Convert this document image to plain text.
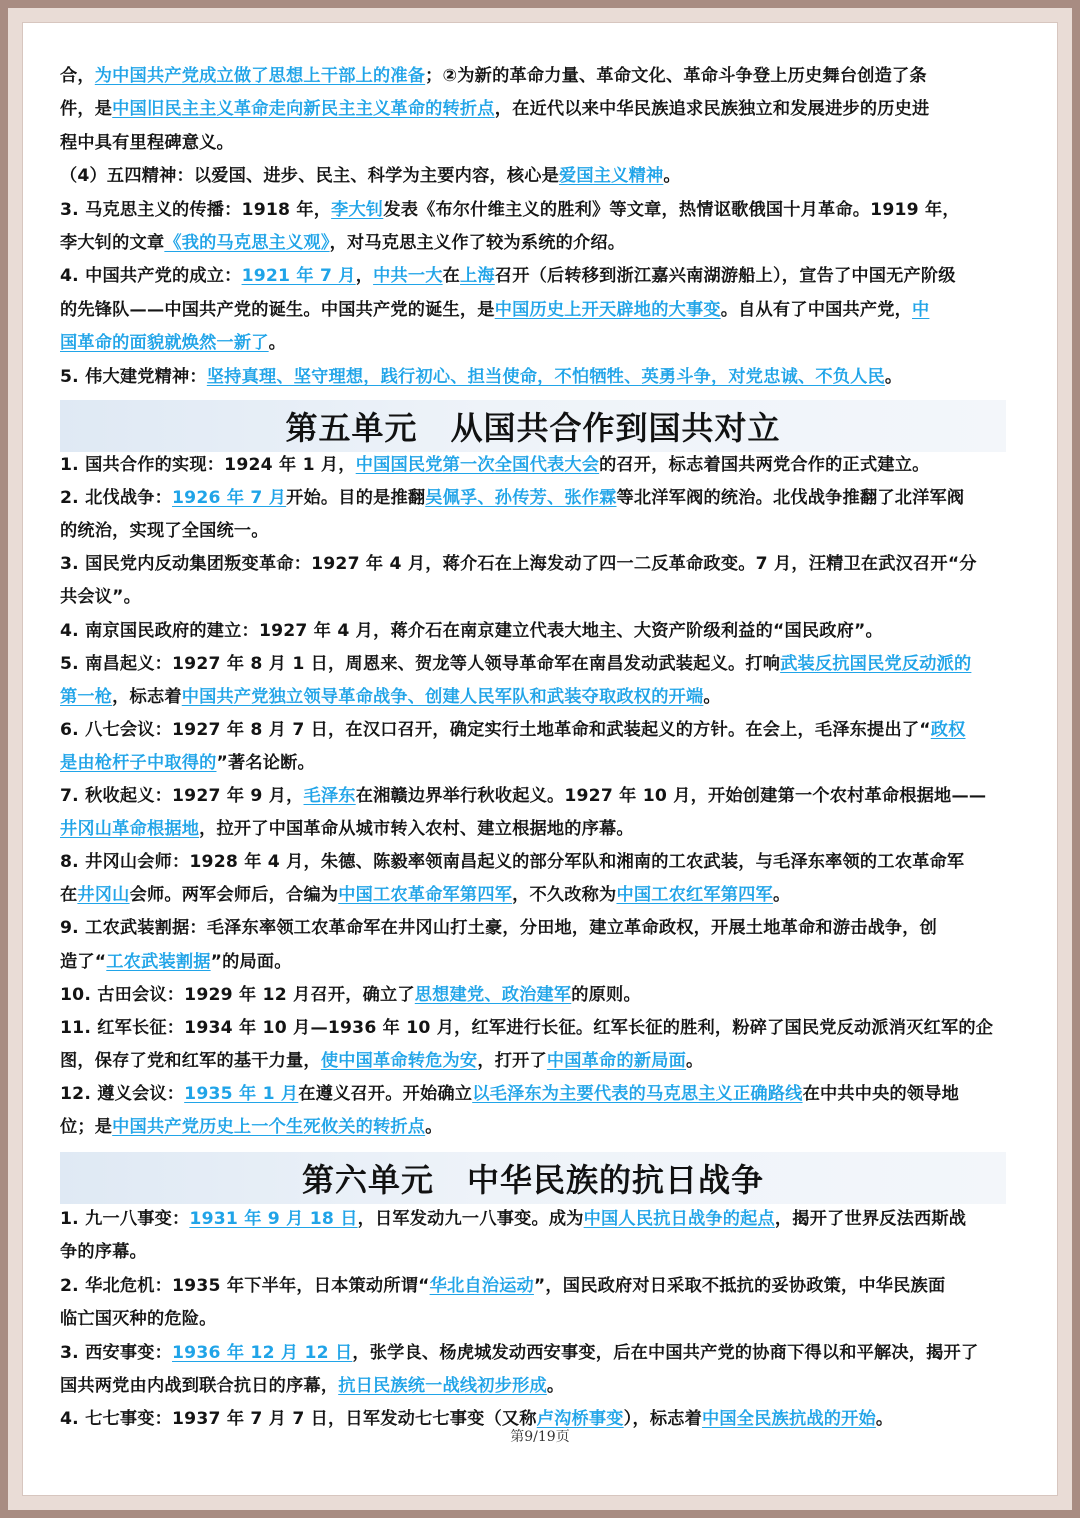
合，为中国共产党成立做了思想上干部上的准备；②为新的革命力量、革命文化、革命斗争登上历史舞台创造了条
件，是中国旧民主主义革命走向新民主主义革命的转折点，在近代以来中华民族追求民族独立和发展进步的历史进
程中具有里程碑意义。
（4）五四精神：以爱国、进步、民主、科学为主要内容，核心是爱国主义精神。
3. 马克思主义的传播：1918 年，李大钊发表《布尔什维主义的胜利》等文章，热情讴歌俄国十月革命。1919 年，
李大钊的文章《我的马克思主义观》，对马克思主义作了较为系统的介绍。
4. 中国共产党的成立：1921 年 7 月，中共一大在上海召开（后转移到浙江嘉兴南湖游船上），宣告了中国无产阶级
的先锋队——中国共产党的诞生。中国共产党的诞生，是中国历史上开天辟地的大事变。自从有了中国共产党，中
国革命的面貌就焕然一新了。
5. 伟大建党精神：坚持真理、坚守理想，践行初心、担当使命，不怕牺牲、英勇斗争，对党忠诚、不负人民。
第五单元　从国共合作到国共对立
1. 国共合作的实现：1924 年 1 月，中国国民党第一次全国代表大会的召开，标志着国共两党合作的正式建立。
2. 北伐战争：1926 年 7 月开始。目的是推翻吴佩孚、孙传芳、张作霖等北洋军阀的统治。北伐战争推翻了北洋军阀
的统治，实现了全国统一。
3. 国民党内反动集团叛变革命：1927 年 4 月，蒋介石在上海发动了四一二反革命政变。7 月，汪精卫在武汉召开“分
共会议”。
4. 南京国民政府的建立：1927 年 4 月，蒋介石在南京建立代表大地主、大资产阶级利益的“国民政府”。
5. 南昌起义：1927 年 8 月 1 日，周恩来、贺龙等人领导革命军在南昌发动武装起义。打响武装反抗国民党反动派的
第一枪，标志着中国共产党独立领导革命战争、创建人民军队和武装夺取政权的开端。
6. 八七会议：1927 年 8 月 7 日，在汉口召开，确定实行土地革命和武装起义的方针。在会上，毛泽东提出了“政权
是由枪杆子中取得的”著名论断。
7. 秋收起义：1927 年 9 月，毛泽东在湘赣边界举行秋收起义。1927 年 10 月，开始创建第一个农村革命根据地——
井冈山革命根据地，拉开了中国革命从城市转入农村、建立根据地的序幕。
8. 井冈山会师：1928 年 4 月，朱德、陈毅率领南昌起义的部分军队和湘南的工农武装，与毛泽东率领的工农革命军
在井冈山会师。两军会师后，合编为中国工农革命军第四军，不久改称为中国工农红军第四军。
9. 工农武装割据：毛泽东率领工农革命军在井冈山打土豪，分田地，建立革命政权，开展土地革命和游击战争，创
造了“工农武装割据”的局面。
10. 古田会议：1929 年 12 月召开，确立了思想建党、政治建军的原则。
11. 红军长征：1934 年 10 月—1936 年 10 月，红军进行长征。红军长征的胜利，粉碎了国民党反动派消灭红军的企
图，保存了党和红军的基干力量，使中国革命转危为安，打开了中国革命的新局面。
12. 遵义会议：1935 年 1 月在遵义召开。开始确立以毛泽东为主要代表的马克思主义正确路线在中共中央的领导地
位；是中国共产党历史上一个生死攸关的转折点。
第六单元　中华民族的抗日战争
1. 九一八事变：1931 年 9 月 18 日，日军发动九一八事变。成为中国人民抗日战争的起点，揭开了世界反法西斯战
争的序幕。
2. 华北危机：1935 年下半年，日本策动所谓“华北自治运动”，国民政府对日采取不抵抗的妥协政策，中华民族面
临亡国灭种的危险。
3. 西安事变：1936 年 12 月 12 日，张学良、杨虎城发动西安事变，后在中国共产党的协商下得以和平解决，揭开了
国共两党由内战到联合抗日的序幕，抗日民族统一战线初步形成。
4. 七七事变：1937 年 7 月 7 日，日军发动七七事变（又称卢沟桥事变），标志着中国全民族抗战的开始。
第9/19页
